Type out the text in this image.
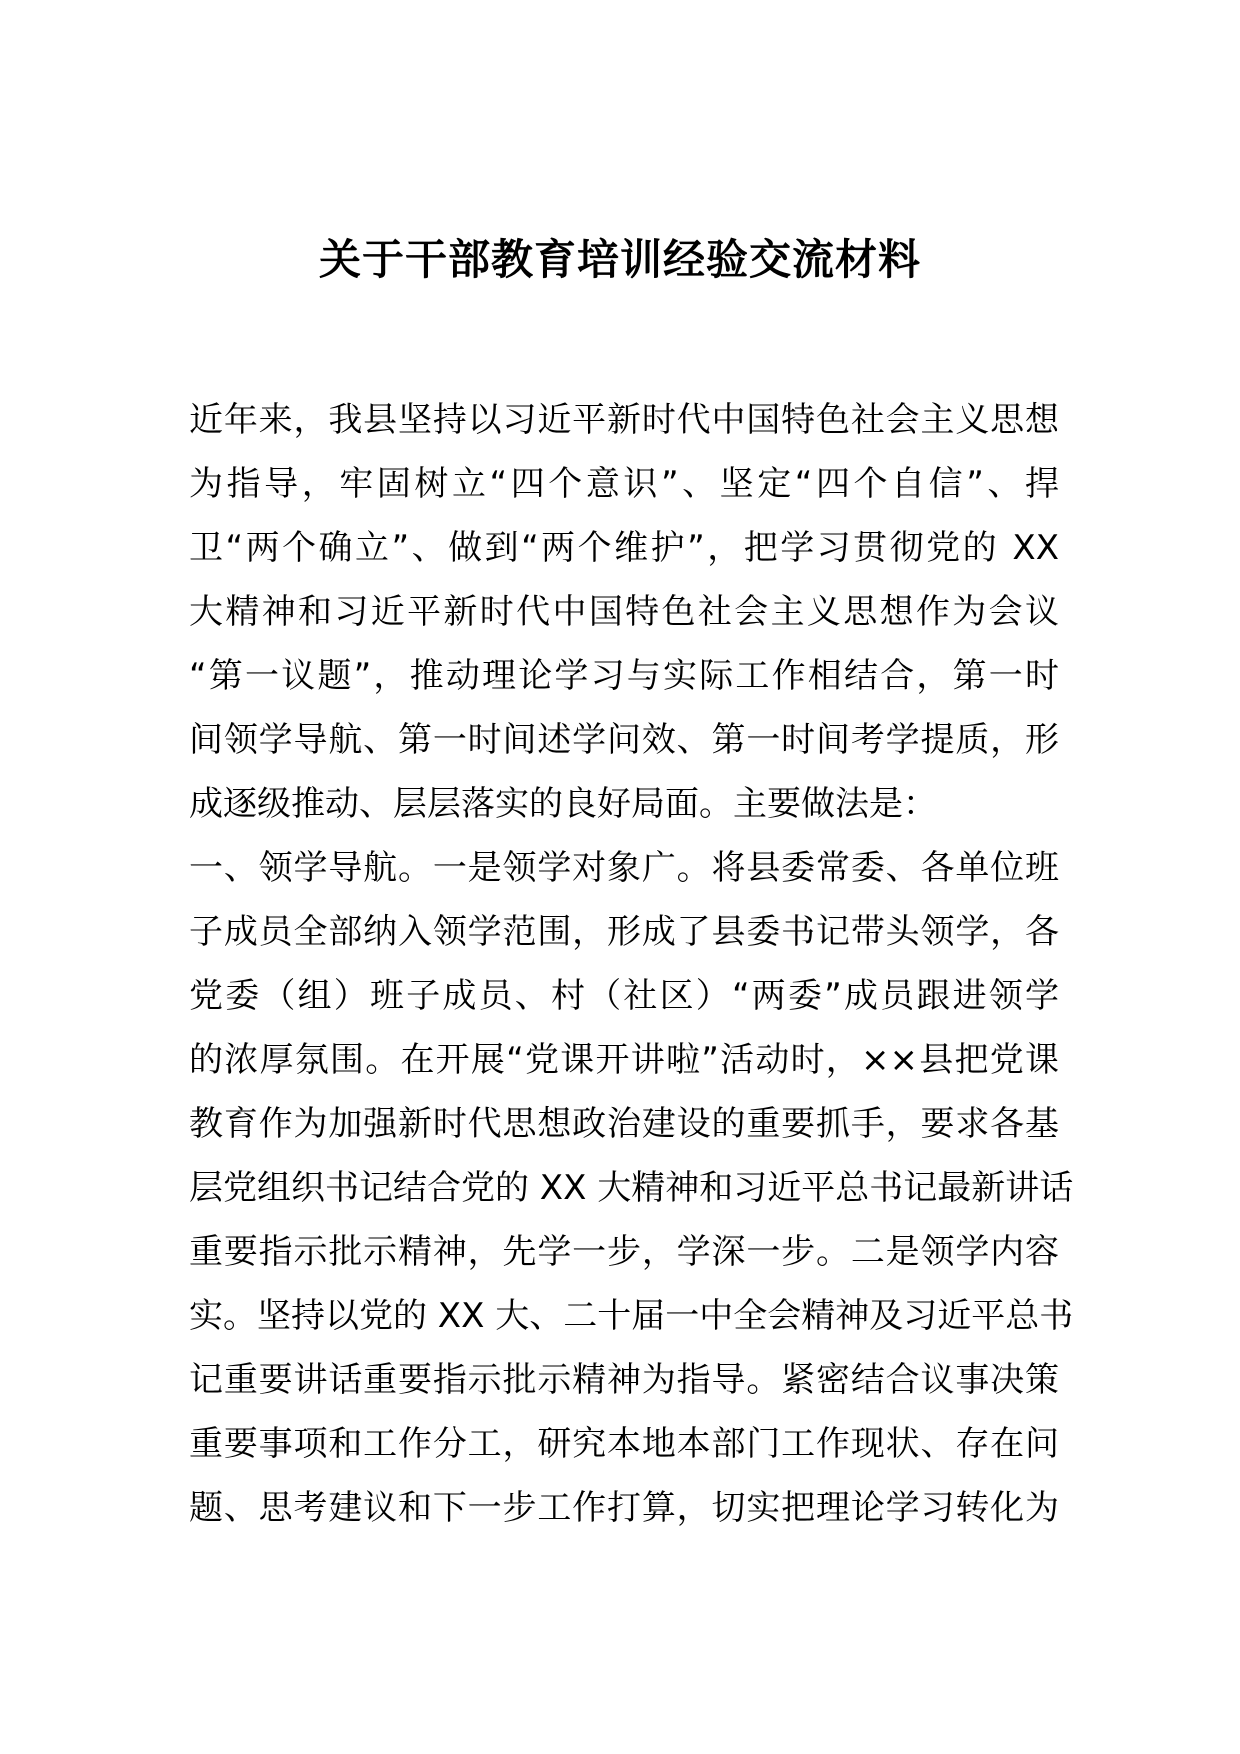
关于干部教育培训经验交流材料
近年来，我县坚持以习近平新时代中国特色社会主义思想
为指导，牢固树立“四个意识”、坚定“四个自信”、捍
卫“两个确立”、做到“两个维护”，把学习贯彻党的 XX
大精神和习近平新时代中国特色社会主义思想作为会议
“第一议题”，推动理论学习与实际工作相结合，第一时
间领学导航、第一时间述学问效、第一时间考学提质，形
成逐级推动、层层落实的良好局面。主要做法是：
一、领学导航。一是领学对象广。将县委常委、各单位班
子成员全部纳入领学范围，形成了县委书记带头领学，各
党委（组）班子成员、村（社区）“两委”成员跟进领学
的浓厚氛围。在开展“党课开讲啦”活动时，××县把党课
教育作为加强新时代思想政治建设的重要抓手，要求各基
层党组织书记结合党的 XX 大精神和习近平总书记最新讲话
重要指示批示精神，先学一步，学深一步。二是领学内容
实。坚持以党的 XX 大、二十届一中全会精神及习近平总书
记重要讲话重要指示批示精神为指导。紧密结合议事决策
重要事项和工作分工，研究本地本部门工作现状、存在问
题、思考建议和下一步工作打算，切实把理论学习转化为
